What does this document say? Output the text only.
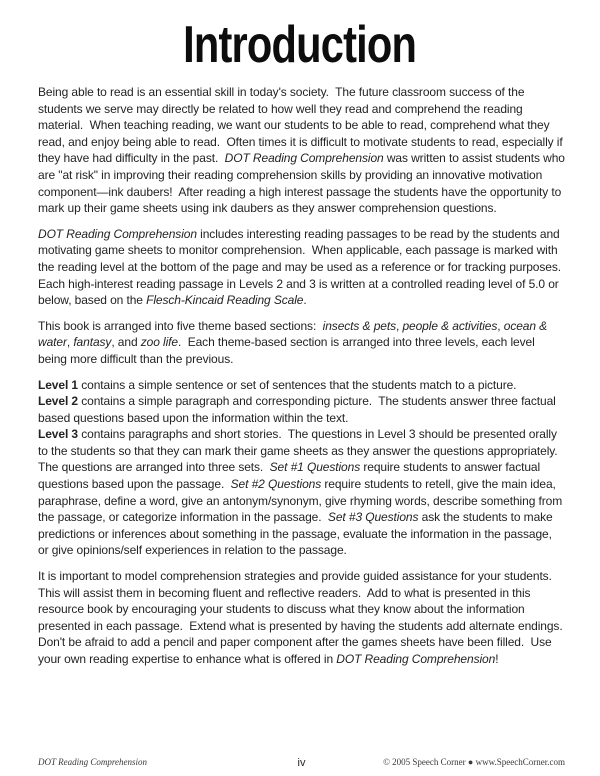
Introduction

Being able to read is an essential skill in today's society.  The future classroom success of the students we serve may directly be related to how well they read and comprehend the reading material.  When teaching reading, we want our students to be able to read, comprehend what they read, and enjoy being able to read.  Often times it is difficult to motivate students to read, especially if they have had difficulty in the past.  DOT Reading Comprehension was written to assist students who are "at risk" in improving their reading comprehension skills by providing an innovative motivation component—ink daubers!  After reading a high interest passage the students have the opportunity to mark up their game sheets using ink daubers as they answer comprehension questions.

DOT Reading Comprehension includes interesting reading passages to be read by the students and motivating game sheets to monitor comprehension.  When applicable, each passage is marked with the reading level at the bottom of the page and may be used as a reference or for tracking purposes.  Each high-interest reading passage in Levels 2 and 3 is written at a controlled reading level of 5.0 or below, based on the Flesch-Kincaid Reading Scale.

This book is arranged into five theme based sections:  insects & pets, people & activities, ocean & water, fantasy, and zoo life.  Each theme-based section is arranged into three levels, each level being more difficult than the previous.

Level 1 contains a simple sentence or set of sentences that the students match to a picture.

Level 2 contains a simple paragraph and corresponding picture.  The students answer three factual based questions based upon the information within the text.

Level 3 contains paragraphs and short stories.  The questions in Level 3 should be presented orally to the students so that they can mark their game sheets as they answer the questions appropriately.  The questions are arranged into three sets.  Set #1 Questions require students to answer factual questions based upon the passage.  Set #2 Questions require students to retell, give the main idea, paraphrase, define a word, give an antonym/synonym, give rhyming words, describe something from the passage, or categorize information in the passage.  Set #3 Questions ask the students to make predictions or inferences about something in the passage, evaluate the information in the passage, or give opinions/self experiences in relation to the passage.

It is important to model comprehension strategies and provide guided assistance for your students.  This will assist them in becoming fluent and reflective readers.  Add to what is presented in this resource book by encouraging your students to discuss what they know about the information presented in each passage.  Extend what is presented by having the students add alternate endings.  Don't be afraid to add a pencil and paper component after the games sheets have been filled.  Use your own reading expertise to enhance what is offered in DOT Reading Comprehension!

DOT Reading Comprehension	iv	© 2005 Speech Corner ● www.SpeechCorner.com
